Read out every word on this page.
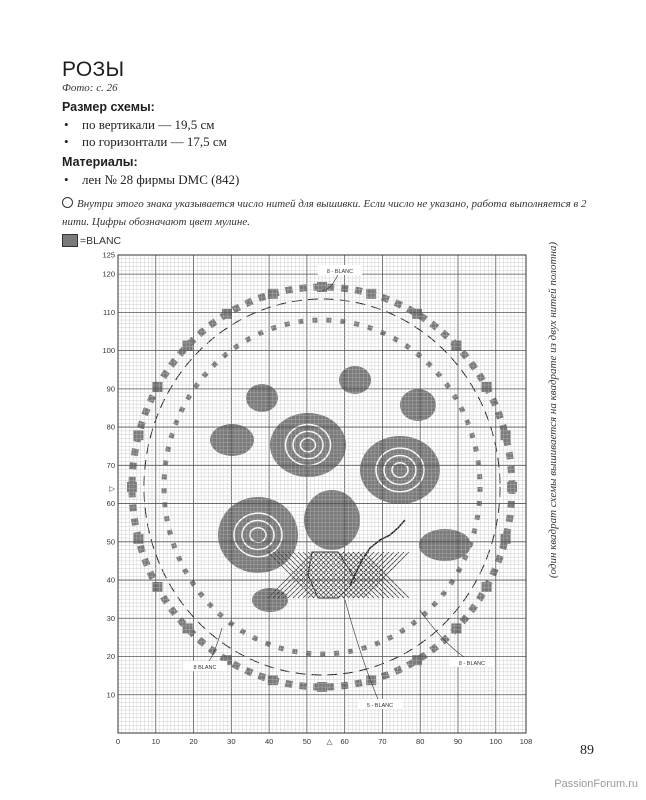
РОЗЫ
Фото: с. 26
Размер схемы:
• по вертикали — 19,5 см
• по горизонтали — 17,5 см
Материалы:
• лен № 28 фирмы DMC (842)
Внутри этого знака указывается число нитей для вышивки. Если число не указано, работа выполняется в 2 нити. Цифры обозначают цвет мулине.
=BLANC
(один квадрат схемы вышивается на квадрате из двух нитей полотна)
89
PassionForum.ru
0	10	20	30	40	50 △ 60	70	80	90	100 108
125
120
110
100
90
80
70
▷
60
50
40
30
20
10
8 - BLANC
8 BLANC
8 - BLANC
5 - BLANC
